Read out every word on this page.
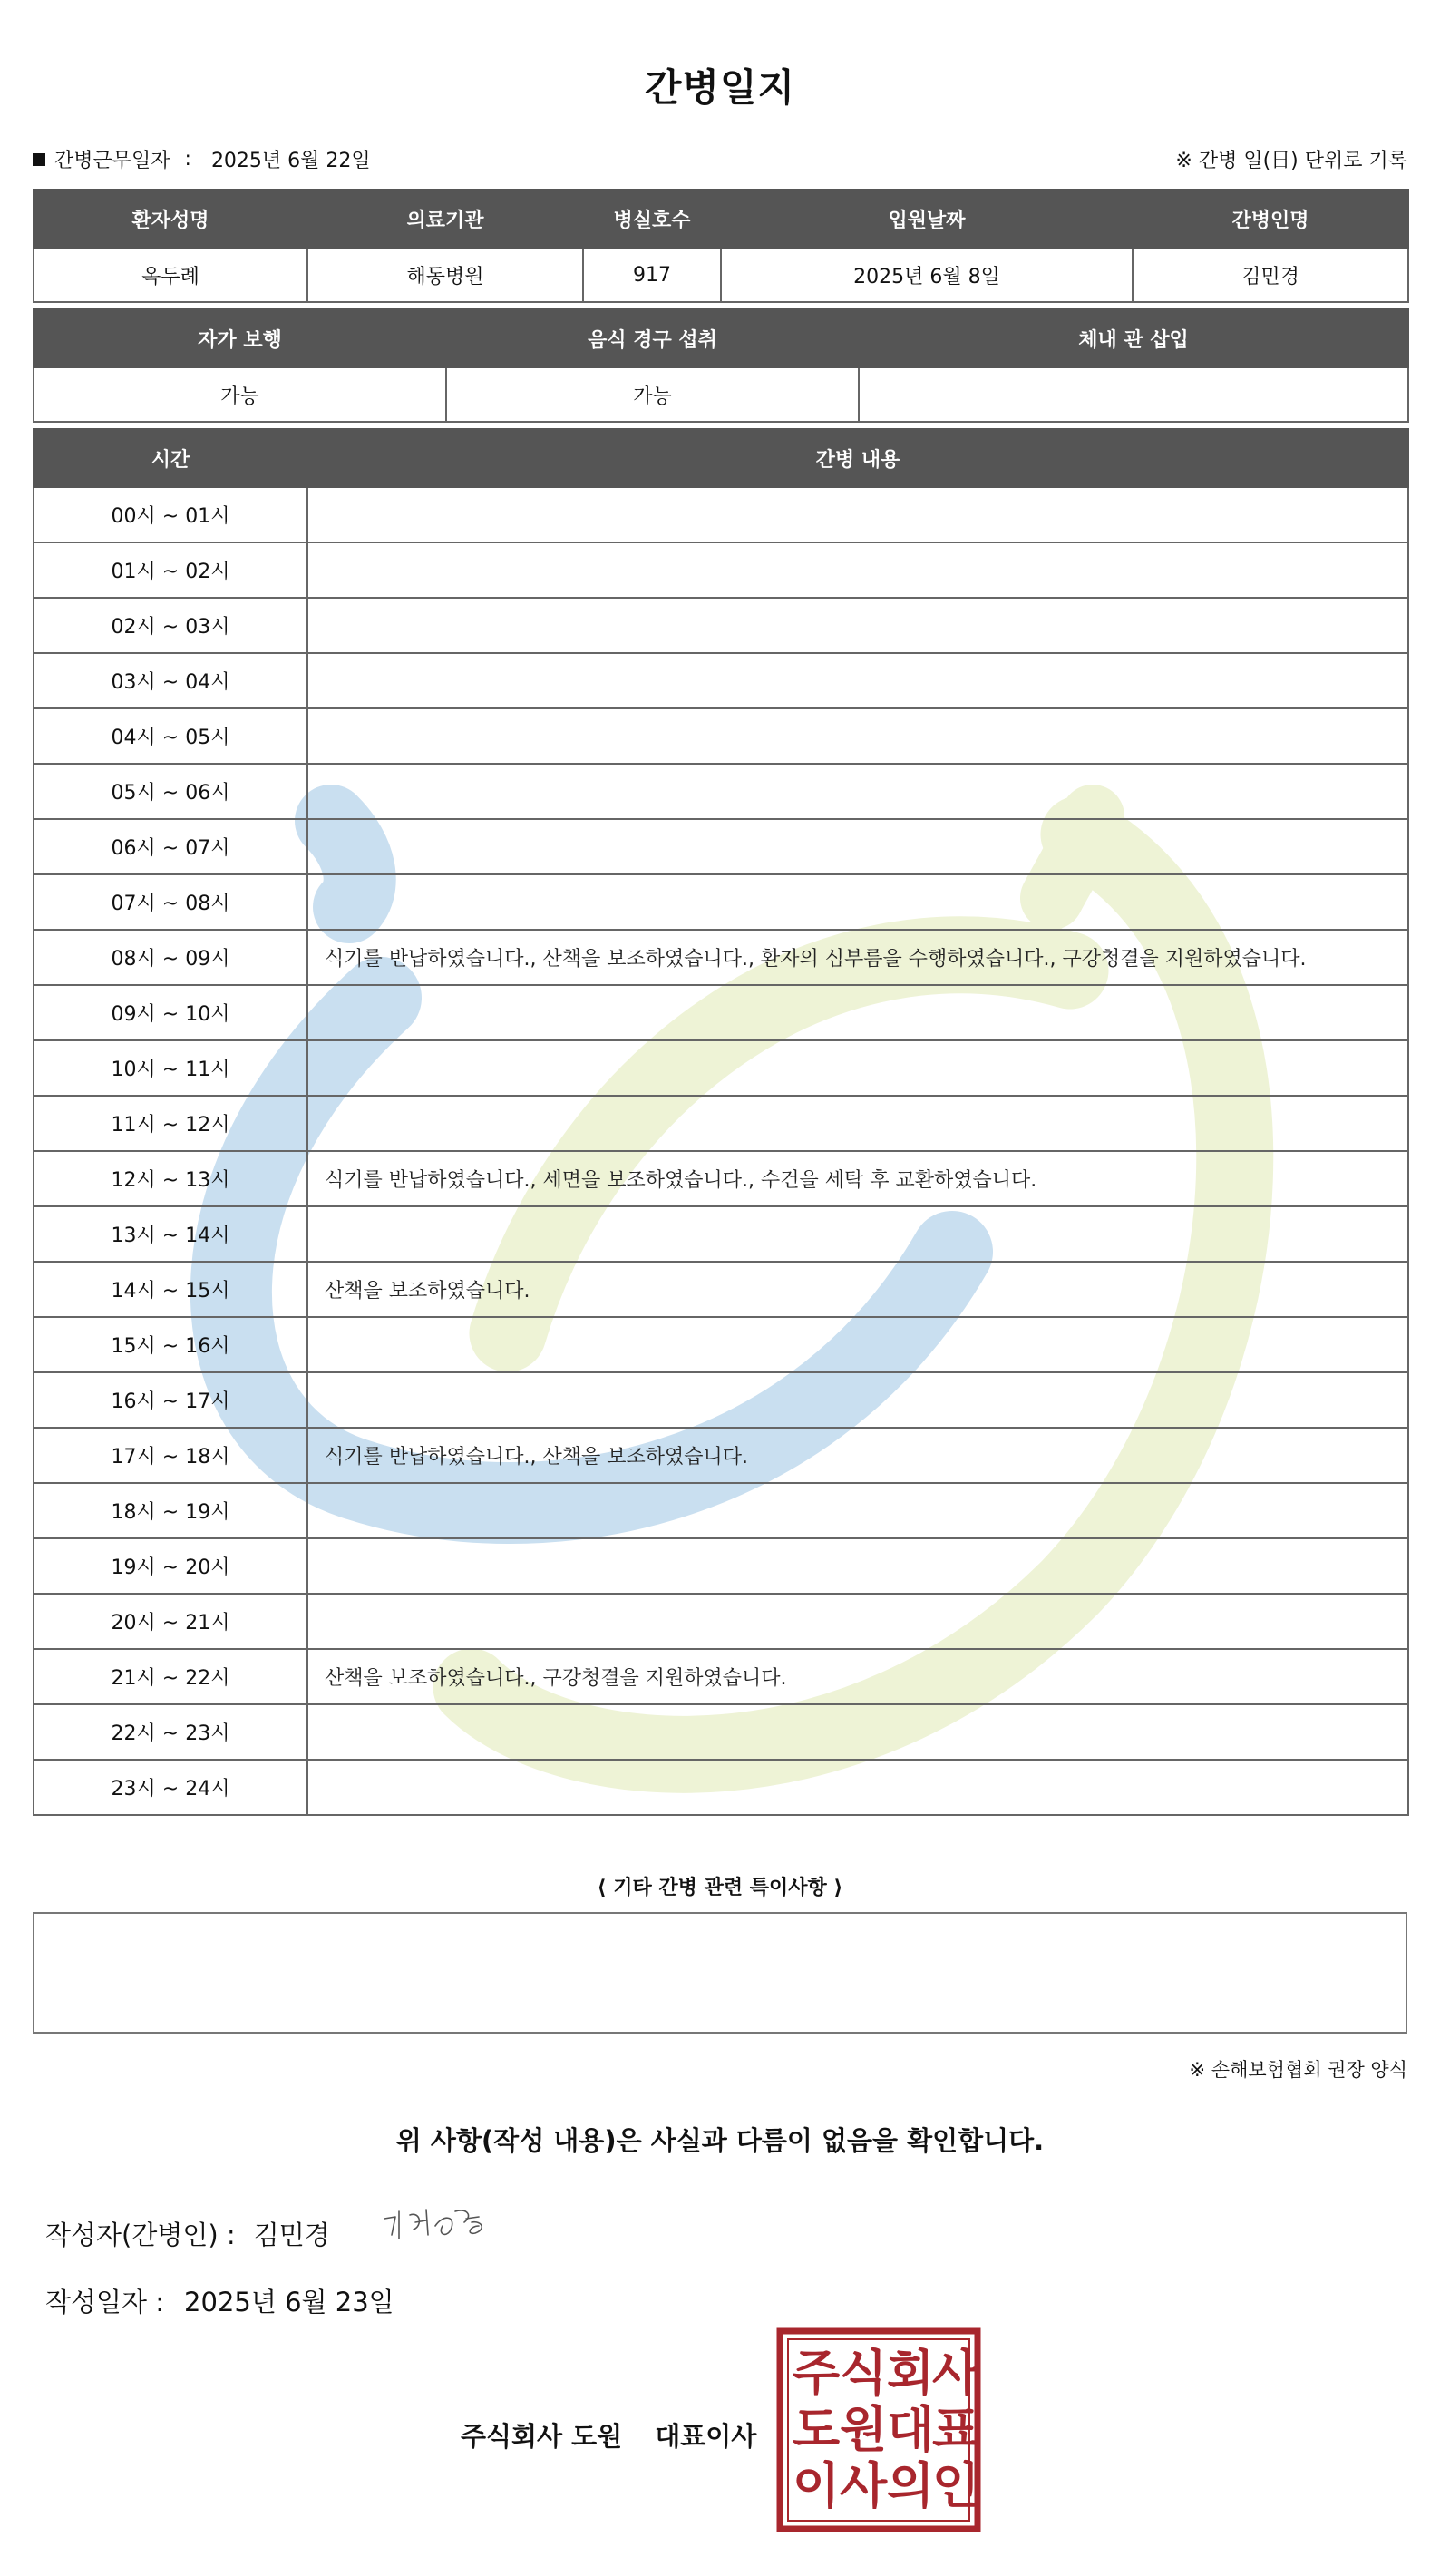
간병일지
간병근무일자 : 2025년 6월 22일	※ 간병 일(日) 단위로 기록
환자성명	의료기관	병실호수	입원날짜	간병인명
옥두례	해동병원	917	2025년 6월 8일	김민경
자가 보행	음식 경구 섭취	체내 관 삽입
가능	가능	
시간	간병 내용
00시 ~ 01시	
01시 ~ 02시	
02시 ~ 03시	
03시 ~ 04시	
04시 ~ 05시	
05시 ~ 06시	
06시 ~ 07시	
07시 ~ 08시	
08시 ~ 09시	식기를 반납하였습니다., 산책을 보조하였습니다., 환자의 심부름을 수행하였습니다., 구강청결을 지원하였습니다.
09시 ~ 10시	
10시 ~ 11시	
11시 ~ 12시	
12시 ~ 13시	식기를 반납하였습니다., 세면을 보조하였습니다., 수건을 세탁 후 교환하였습니다.
13시 ~ 14시	
14시 ~ 15시	산책을 보조하였습니다.
15시 ~ 16시	
16시 ~ 17시	
17시 ~ 18시	식기를 반납하였습니다., 산책을 보조하였습니다.
18시 ~ 19시	
19시 ~ 20시	
20시 ~ 21시	
21시 ~ 22시	산책을 보조하였습니다., 구강청결을 지원하였습니다.
22시 ~ 23시	
23시 ~ 24시	
⟨ 기타 간병 관련 특이사항 ⟩
※ 손해보험협회 권장 양식
위 사항(작성 내용)은 사실과 다름이 없음을 확인합니다.
작성자(간병인) : 김민경
작성일자 : 2025년 6월 23일
주식회사 도원 대표이사
주 식 회
사
도 원 대
표
이 사 의
인
